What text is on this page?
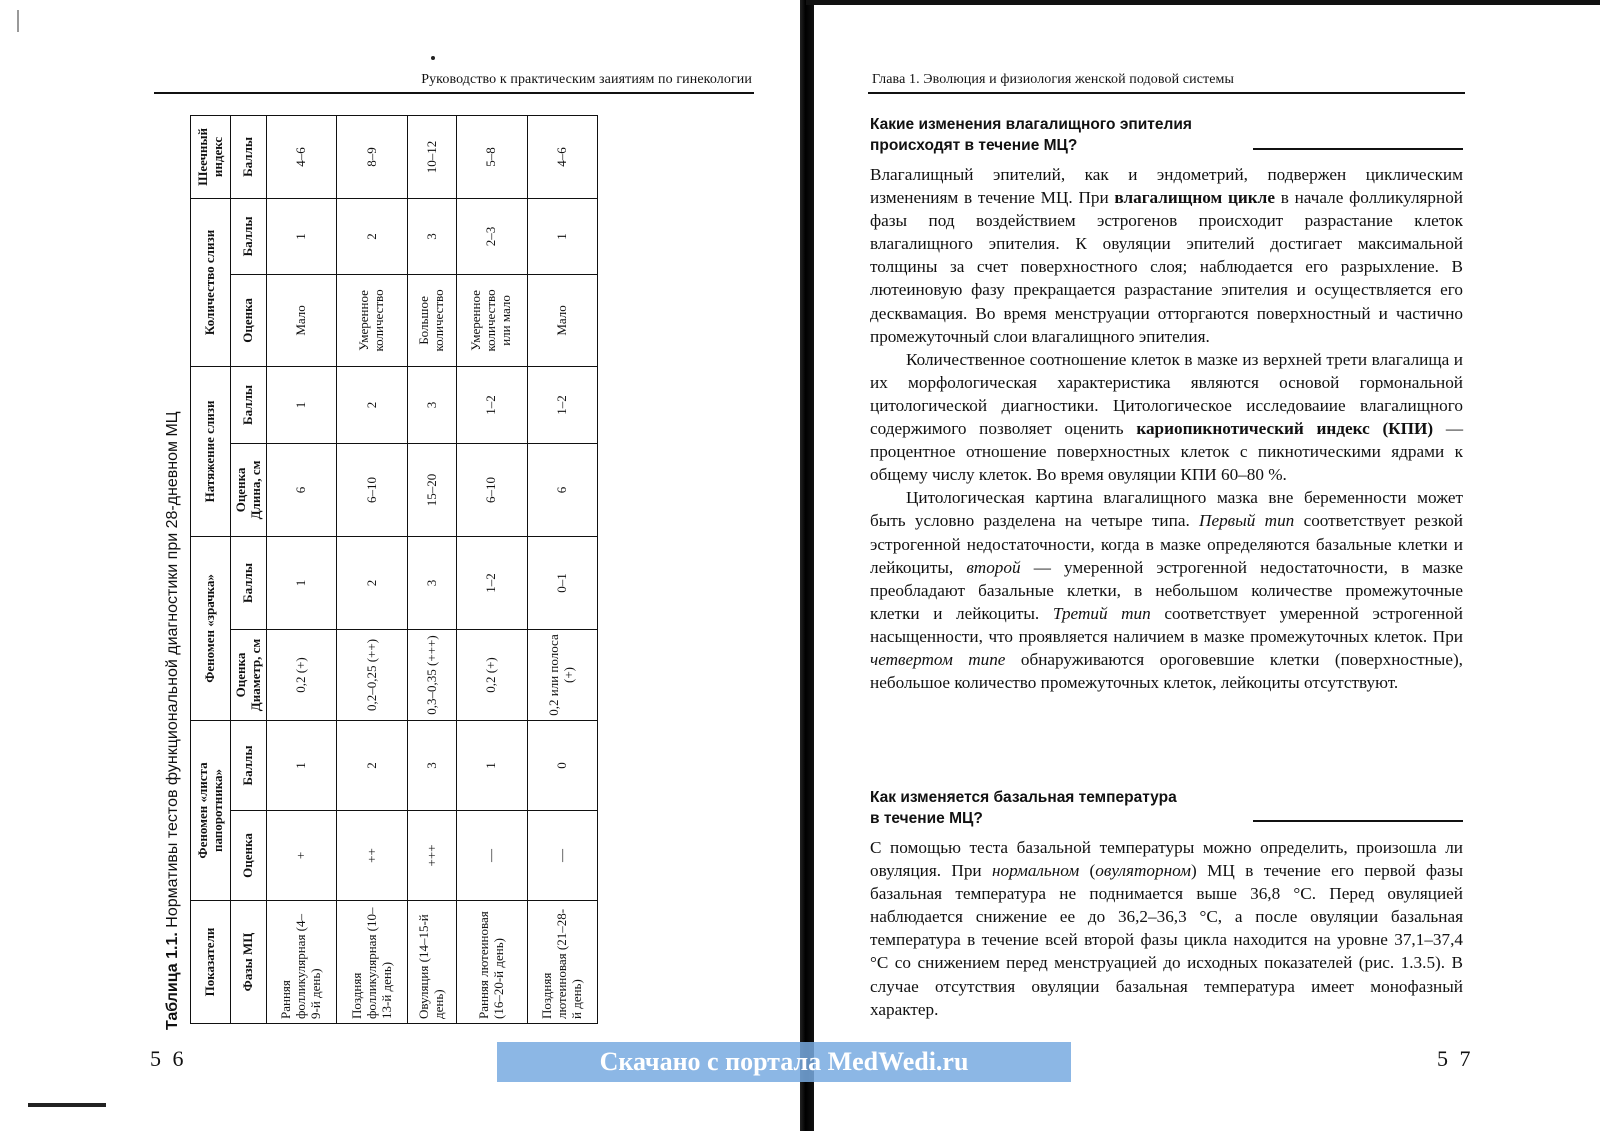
Руководство к практическим заиятиям по гинекологии
Таблица 1.1. Нормативы тестов функциональной диагностики при 28-дневном МЦ
Показатели	Феномен «листа папоротника»		Феномен «зрачка»		Натяжение слизи		Количество слизи		Шеечный индекс
Фазы МЦ	Оценка	Баллы	Оценка Диаметр, см	Баллы	Оценка Длина, см	Баллы	Оценка	Баллы	Баллы
Ранняя фолликулярная (4–9-й день)	+	1	0,2 (+)	1	6	1	Мало	1	4–6
Поздняя фолликулярная (10–13-й день)	++	2	0,2–0,25 (++)	2	6–10	2	Умеренное количество	2	8–9
Овуляция (14–15-й день)	+++	3	0,3–0,35 (+++)	3	15–20	3	Большое количество	3	10–12
Ранняя лютеиновая (16–20-й день)	—	1	0,2 (+)	1–2	6–10	1–2	Умеренное количество или мало	2–3	5–8
Поздняя лютеиновая (21–28-й день)	—	0	0,2 или полоса (+)	0–1	6	1–2	Мало	1	4–6
5 6
Глава 1. Эволюция и физиология женской подовой системы
Какие изменения влагалищного эпителия
происходят в течение МЦ?

Влагалищный эпителий, как и эндометрий, подвержен циклическим изменениям в течение МЦ. При влагалищном цикле в начале фолликулярной фазы под воздействием эстрогенов происходит разрастание клеток влагалищного эпителия. К овуляции эпителий достигает максимальной толщины за счет поверхностного слоя; наблюдается его разрыхление. В лютеиновую фазу прекращается разрастание эпителия и осуществляется его десквамация. Во время менструации отторгаются поверхностный и частично промежуточный слои влагалищного эпителия.

Количественное соотношение клеток в мазке из верхней трети влагалища и их морфологическая характеристика являются основой гормональной цитологической диагностики. Цитологическое исследоваиие влагалищного содержимого позволяет оценить кариопикнотический индекс (КПИ) — процентное отношение поверхностных клеток с пикнотическими ядрами к общему числу клеток. Во время овуляции КПИ 60–80 %.

Цитологическая картина влагалищного мазка вне беременности может быть условно разделена на четыре типа. Первый тип соответствует резкой эстрогенной недостаточности, когда в мазке определяются базальные клетки и лейкоциты, второй — умеренной эстрогенной недостаточности, в мазке преобладают базальные клетки, в небольшом количестве промежуточные клетки и лейкоциты. Третий тип соответствует умеренной эстрогенной насыщенности, что проявляется наличием в мазке промежуточных клеток. При четвертом типе обнаруживаются ороговевшие клетки (поверхностные), небольшое количество промежуточных клеток, лейкоциты отсутствуют.

Как изменяется базальная температура
в течение МЦ?

С помощью теста базальной температуры можно определить, произошла ли овуляция. При нормальном (овуляторном) МЦ в течение его первой фазы базальная температура не поднимается выше 36,8 °С. Перед овуляцией наблюдается снижение ее до 36,2–36,3 °С, а после овуляции базальная температура в течение всей второй фазы цикла находится на уровне 37,1–37,4 °С со снижением перед менструацией до исходных показателей (рис. 1.3.5). В случае отсутствия овуляции базальная температура имеет монофазный характер.

5 7
Скачано с портала MedWedi.ru
